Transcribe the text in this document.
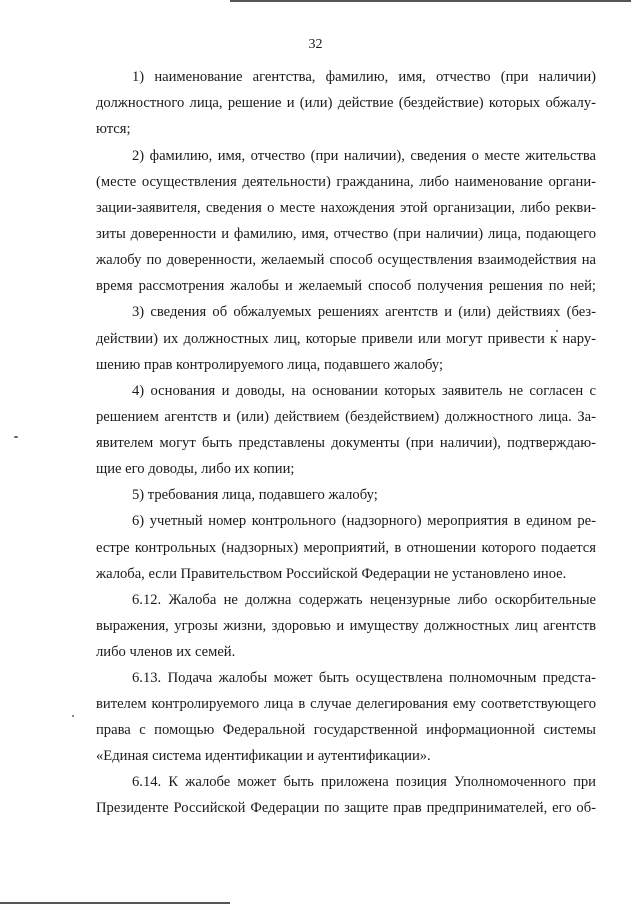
32
1) наименование агентства, фамилию, имя, отчество (при наличии)
должностного лица, решение и (или) действие (бездействие) которых обжалу-
ются;
2) фамилию, имя, отчество (при наличии), сведения о месте жительства
(месте осуществления деятельности) гражданина, либо наименование органи-
зации-заявителя, сведения о месте нахождения этой организации, либо рекви-
зиты доверенности и фамилию, имя, отчество (при наличии) лица, подающего
жалобу по доверенности, желаемый способ осуществления взаимодействия на
время рассмотрения жалобы и желаемый способ получения решения по ней;
3) сведения об обжалуемых решениях агентств и (или) действиях (без-
действии) их должностных лиц, которые привели или могут привести к нару-
шению прав контролируемого лица, подавшего жалобу;
4) основания и доводы, на основании которых заявитель не согласен с
решением агентств и (или) действием (бездействием) должностного лица. За-
явителем могут быть представлены документы (при наличии), подтверждаю-
щие его доводы, либо их копии;
5) требования лица, подавшего жалобу;
6) учетный номер контрольного (надзорного) мероприятия в едином ре-
естре контрольных (надзорных) мероприятий, в отношении которого подается
жалоба, если Правительством Российской Федерации не установлено иное.
6.12. Жалоба не должна содержать нецензурные либо оскорбительные
выражения, угрозы жизни, здоровью и имуществу должностных лиц агентств
либо членов их семей.
6.13. Подача жалобы может быть осуществлена полномочным предста-
вителем контролируемого лица в случае делегирования ему соответствующего
права с помощью Федеральной государственной информационной системы
«Единая система идентификации и аутентификации».
6.14. К жалобе может быть приложена позиция Уполномоченного при
Президенте Российской Федерации по защите прав предпринимателей, его об-
